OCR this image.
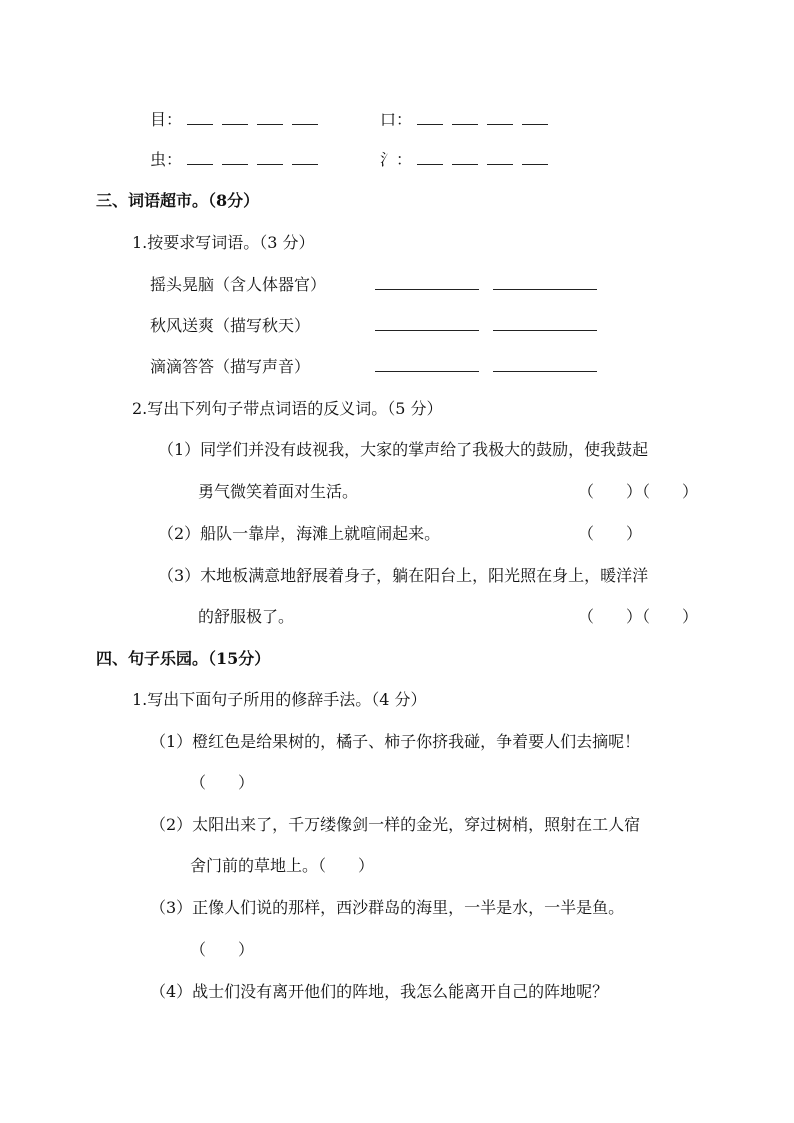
目：	口：
虫：	氵：
三、词语超市。（8分）
1.按要求写词语。（3 分）
摇头晃脑（含人体器官）
秋风送爽（描写秋天）
滴滴答答（描写声音）
2.写出下列句子带点词语的反义词。（5 分）
（1）同学们并没有歧视我，大家的掌声给了我极大的鼓励，使我鼓起
勇气微笑着面对生活。	（　　）（　　）
（2）船队一靠岸，海滩上就喧闹起来。	（　　）
（3）木地板满意地舒展着身子，躺在阳台上，阳光照在身上，暖洋洋
的舒服极了。	（　　）（　　）
四、句子乐园。（15分）
1.写出下面句子所用的修辞手法。（4 分）
（1）橙红色是给果树的，橘子、柿子你挤我碰，争着要人们去摘呢！
（　　）
（2）太阳出来了，千万缕像剑一样的金光，穿过树梢，照射在工人宿
舍门前的草地上。（　　）
（3）正像人们说的那样，西沙群岛的海里，一半是水，一半是鱼。
（　　）
（4）战士们没有离开他们的阵地，我怎么能离开自己的阵地呢？
